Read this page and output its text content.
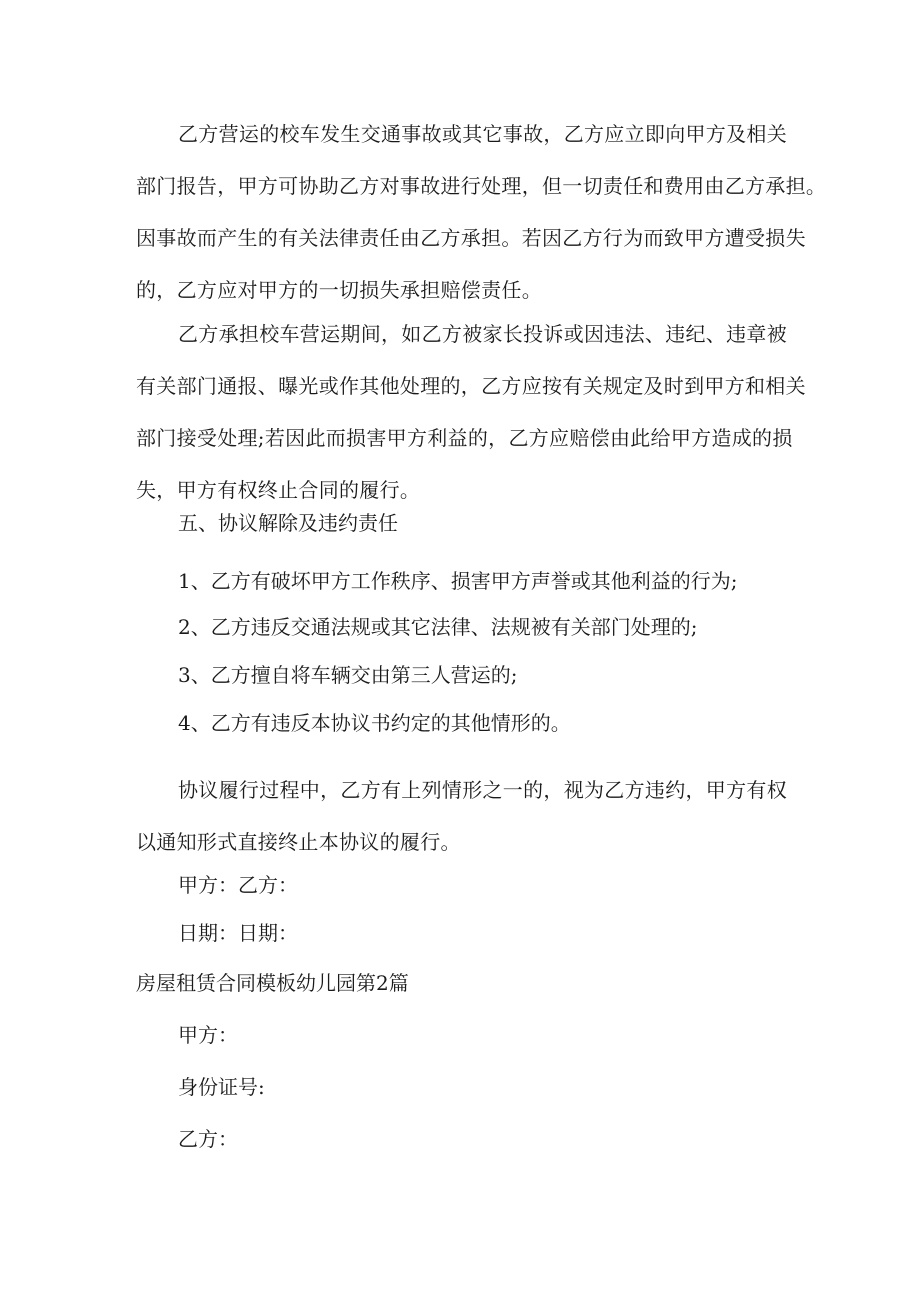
乙方营运的校车发生交通事故或其它事故，乙方应立即向甲方及相关
部门报告，甲方可协助乙方对事故进行处理，但一切责任和费用由乙方承担。
因事故而产生的有关法律责任由乙方承担。若因乙方行为而致甲方遭受损失
的，乙方应对甲方的一切损失承担赔偿责任。
乙方承担校车营运期间，如乙方被家长投诉或因违法、违纪、违章被
有关部门通报、曝光或作其他处理的，乙方应按有关规定及时到甲方和相关
部门接受处理;若因此而损害甲方利益的，乙方应赔偿由此给甲方造成的损
失，甲方有权终止合同的履行。

五、协议解除及违约责任

1、乙方有破坏甲方工作秩序、损害甲方声誉或其他利益的行为;

2、乙方违反交通法规或其它法律、法规被有关部门处理的;

3、乙方擅自将车辆交由第三人营运的;

4、乙方有违反本协议书约定的其他情形的。

协议履行过程中，乙方有上列情形之一的，视为乙方违约，甲方有权
以通知形式直接终止本协议的履行。

甲方：乙方：

日期：日期：

房屋租赁合同模板幼儿园第2篇

甲方：

身份证号:

乙方：
